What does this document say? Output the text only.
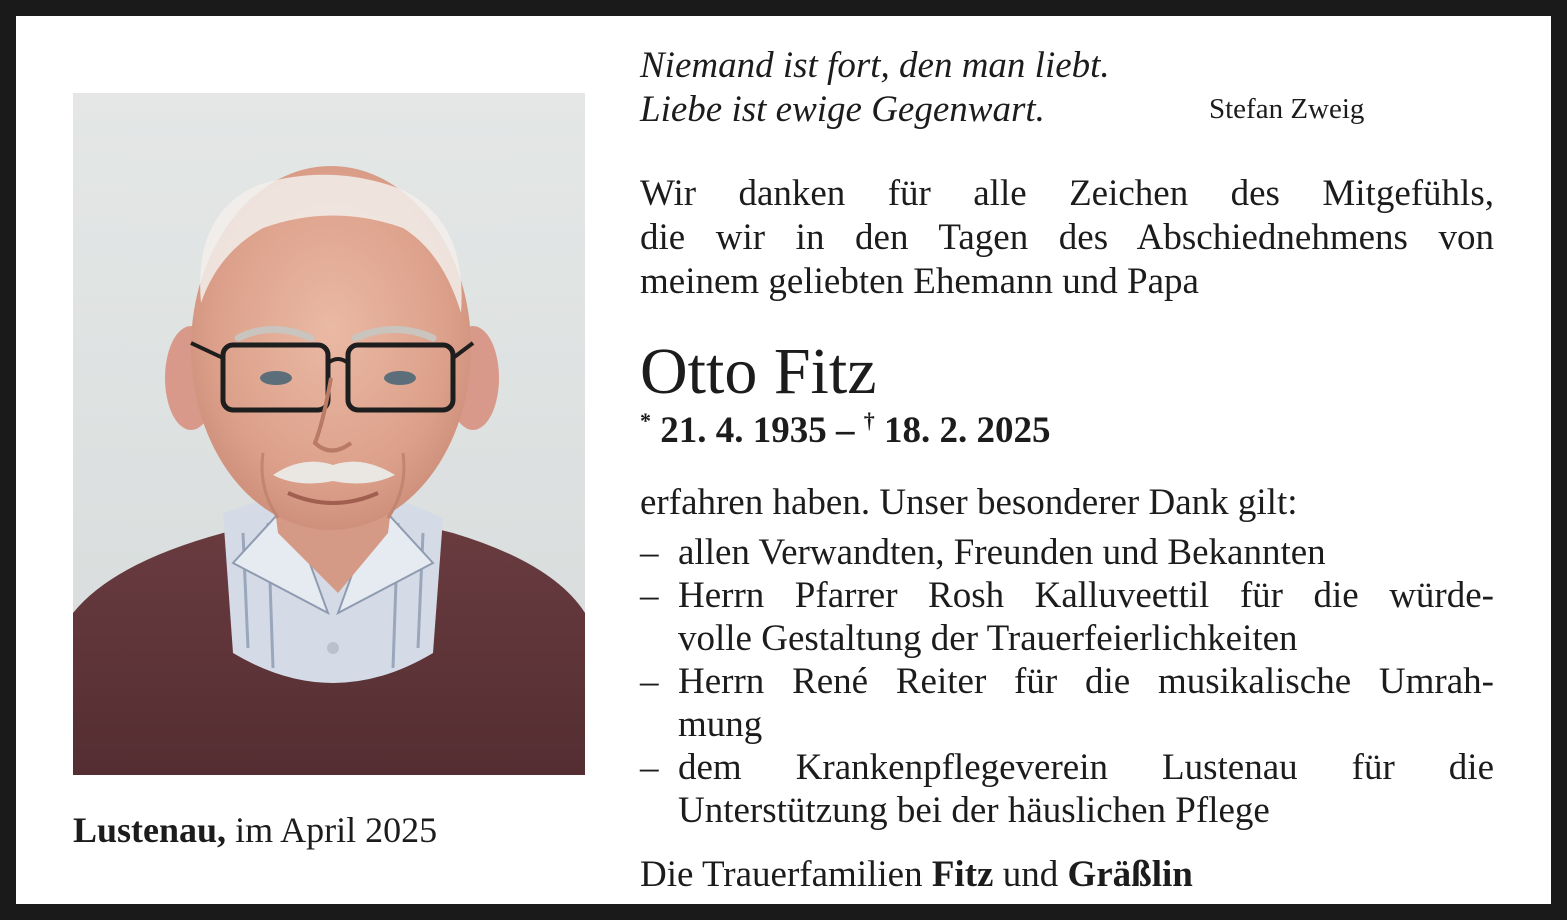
Lustenau, im April 2025
Niemand ist fort, den man liebt.
Liebe ist ewige Gegenwart.	Stefan Zweig
Wir danken für alle Zeichen des Mitgefühls,
die wir in den Tagen des Abschiednehmens von
meinem geliebten Ehemann und Papa
Otto Fitz
* 21. 4. 1935 – † 18. 2. 2025
erfahren haben. Unser besonderer Dank gilt:
– allen Verwandten, Freunden und Bekannten
– Herrn Pfarrer Rosh Kalluveettil für die würde-
volle Gestaltung der Trauerfeierlichkeiten
– Herrn René Reiter für die musikalische Umrah-
mung
– dem Krankenpflegeverein Lustenau für die
Unterstützung bei der häuslichen Pflege
Die Trauerfamilien Fitz und Gräßlin
